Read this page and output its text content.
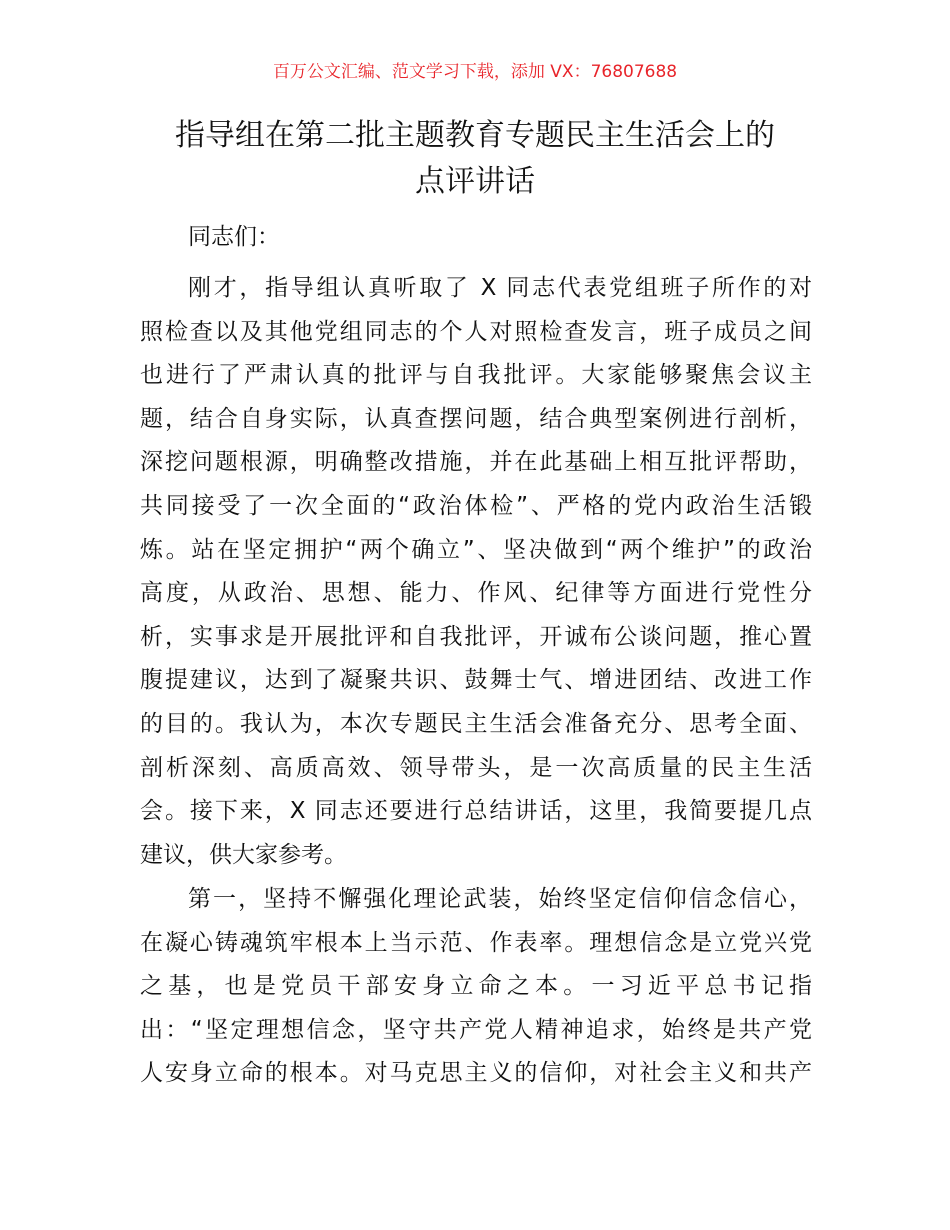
百万公文汇编、范文学习下载，添加 VX：76807688
指导组在第二批主题教育专题民主生活会上的
点评讲话
同志们：
刚才，指导组认真听取了 X 同志代表党组班子所作的对
照检查以及其他党组同志的个人对照检查发言，班子成员之间
也进行了严肃认真的批评与自我批评。大家能够聚焦会议主
题，结合自身实际，认真查摆问题，结合典型案例进行剖析，
深挖问题根源，明确整改措施，并在此基础上相互批评帮助，
共同接受了一次全面的“政治体检”、严格的党内政治生活锻
炼。站在坚定拥护“两个确立”、坚决做到“两个维护”的政治
高度，从政治、思想、能力、作风、纪律等方面进行党性分
析，实事求是开展批评和自我批评，开诚布公谈问题，推心置
腹提建议，达到了凝聚共识、鼓舞士气、增进团结、改进工作
的目的。我认为，本次专题民主生活会准备充分、思考全面、
剖析深刻、高质高效、领导带头，是一次高质量的民主生活
会。接下来，X 同志还要进行总结讲话，这里，我简要提几点
建议，供大家参考。
第一，坚持不懈强化理论武装，始终坚定信仰信念信心，
在凝心铸魂筑牢根本上当示范、作表率。理想信念是立党兴党
之基，也是党员干部安身立命之本。一习近平总书记指
出：“坚定理想信念，坚守共产党人精神追求，始终是共产党
人安身立命的根本。对马克思主义的信仰，对社会主义和共产
